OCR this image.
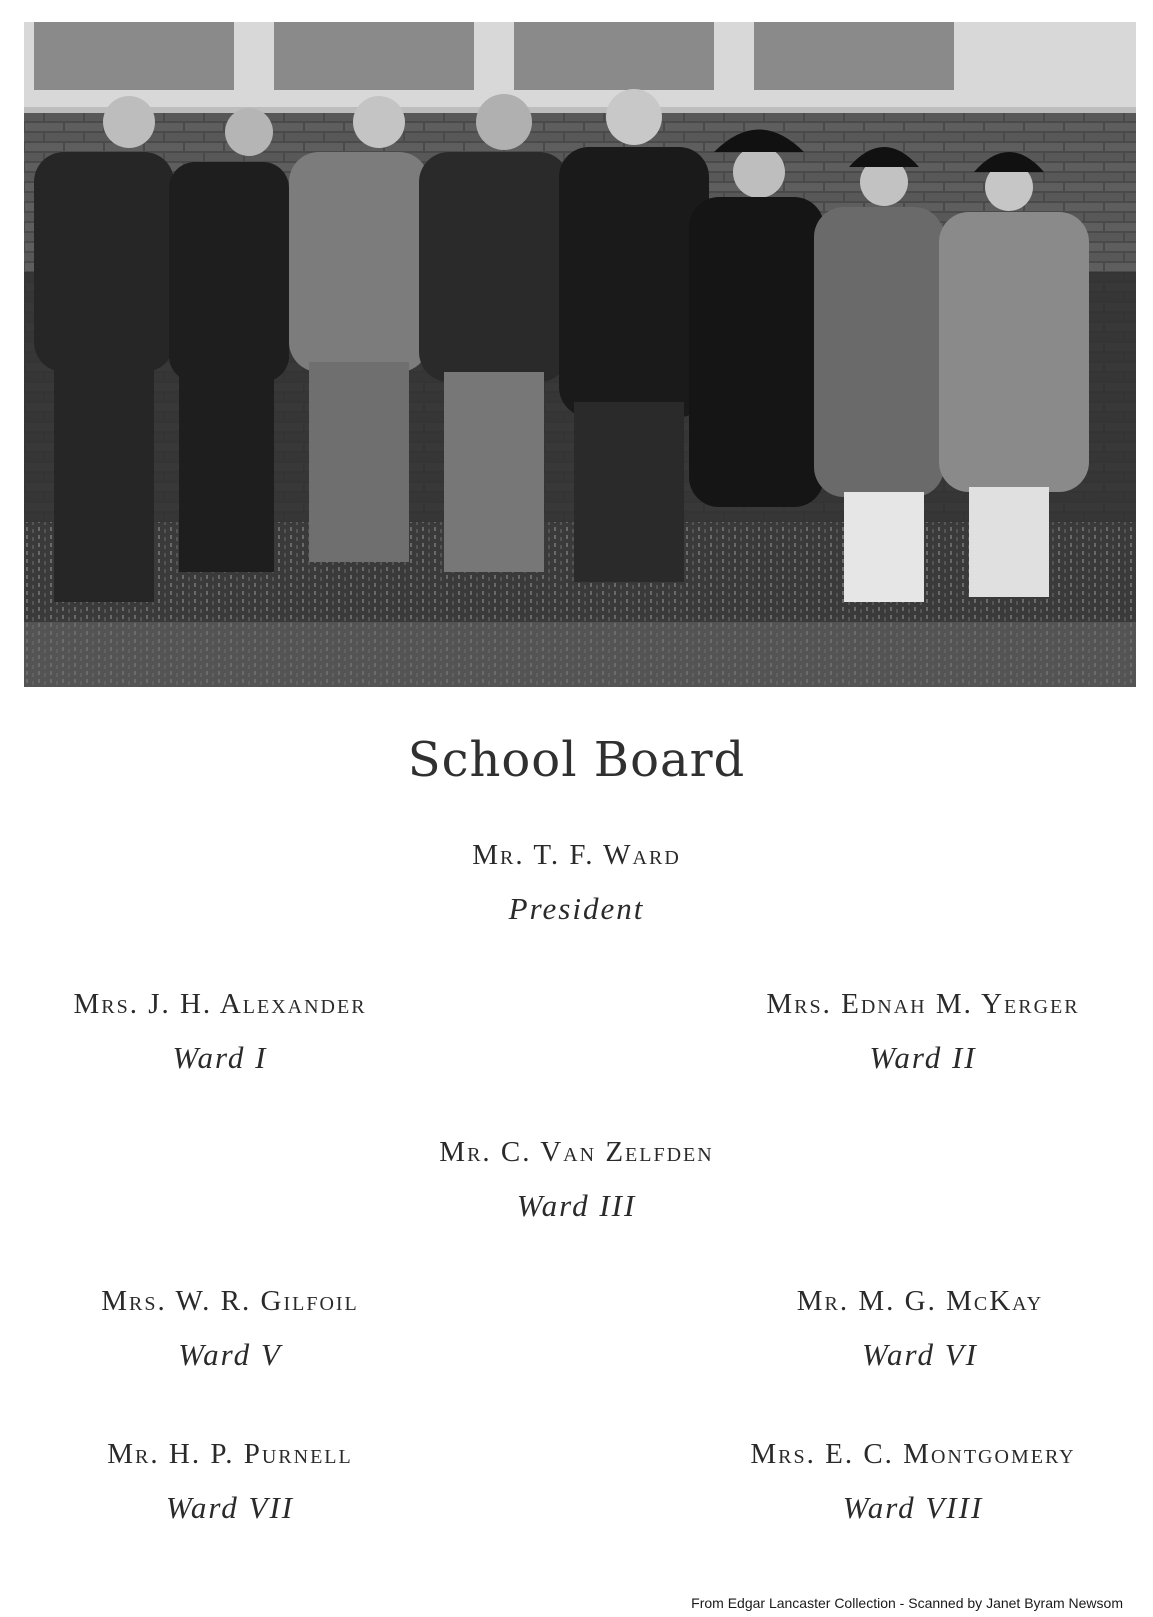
School Board
Mr. T. F. Ward
President
Mrs. J. H. Alexander
Ward I
Mrs. Ednah M. Yerger
Ward II
Mr. C. Van Zelfden
Ward III
Mrs. W. R. Gilfoil
Ward V
Mr. M. G. McKay
Ward VI
Mr. H. P. Purnell
Ward VII
Mrs. E. C. Montgomery
Ward VIII
From Edgar Lancaster Collection - Scanned by Janet Byram Newsom
